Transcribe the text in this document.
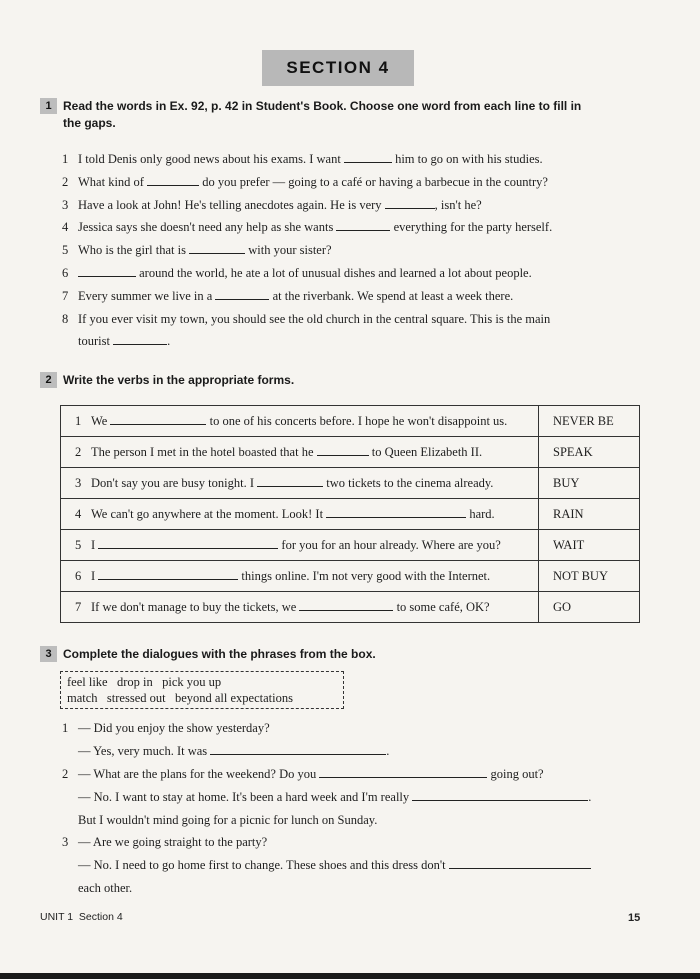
SECTION 4
1 Read the words in Ex. 92, p. 42 in Student's Book. Choose one word from each line to fill in the gaps.
1 I told Denis only good news about his exams. I want	him to go on with his studies.
2 What kind of	do you prefer — going to a café or having a barbecue in the country?
3 Have a look at John! He's telling anecdotes again. He is very	, isn't he?
4 Jessica says she doesn't need any help as she wants	everything for the party herself.
5 Who is the girl that is	with your sister?
6	around the world, he ate a lot of unusual dishes and learned a lot about people.
7 Every summer we live in a	at the riverbank. We spend at least a week there.
8 If you ever visit my town, you should see the old church in the central square. This is the main
tourist	.
2 Write the verbs in the appropriate forms.
1 We to one of his concerts before. I hope he won't disappoint us.	NEVER BE
2 The person I met in the hotel boasted that he to Queen Elizabeth II.	SPEAK
3 Don't say you are busy tonight. I two tickets to the cinema already.	BUY
4 We can't go anywhere at the moment. Look! It hard.	RAIN
5 I for you for an hour already. Where are you?	WAIT
6 I things online. I'm not very good with the Internet.	NOT BUY
7 If we don't manage to buy the tickets, we to some café, OK?	GO
3 Complete the dialogues with the phrases from the box.
feel like   drop in   pick you up
match   stressed out   beyond all expectations
1 — Did you enjoy the show yesterday?
— Yes, very much. It was	.
2 — What are the plans for the weekend? Do you	going out?
— No. I want to stay at home. It's been a hard week and I'm really	.
But I wouldn't mind going for a picnic for lunch on Sunday.
3 — Are we going straight to the party?
— No. I need to go home first to change. These shoes and this dress don't
each other.
UNIT 1  Section 4	15
